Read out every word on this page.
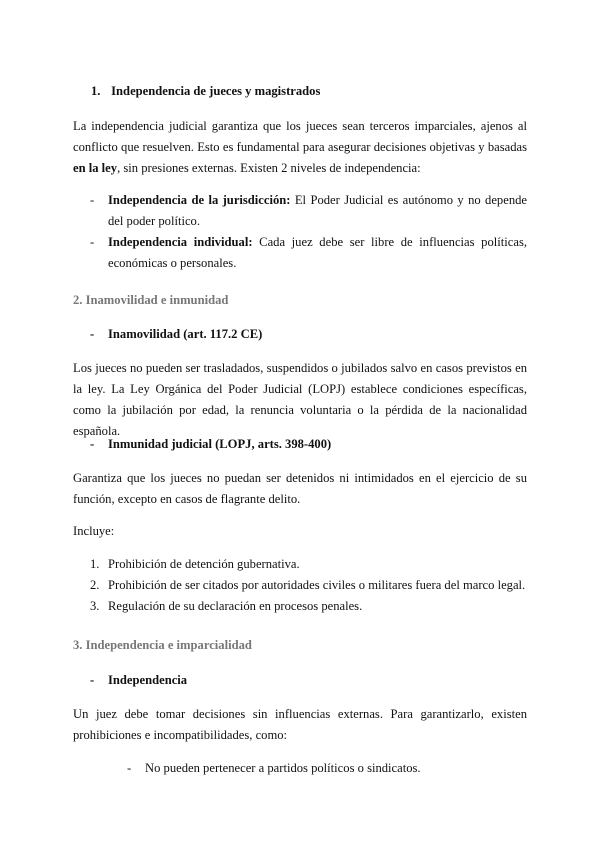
1. Independencia de jueces y magistrados
La independencia judicial garantiza que los jueces sean terceros imparciales, ajenos al conflicto que resuelven. Esto es fundamental para asegurar decisiones objetivas y basadas en la ley, sin presiones externas. Existen 2 niveles de independencia:
- Independencia de la jurisdicción: El Poder Judicial es autónomo y no depende del poder político.
- Independencia individual: Cada juez debe ser libre de influencias políticas, económicas o personales.
2. Inamovilidad e inmunidad
- Inamovilidad (art. 117.2 CE)
Los jueces no pueden ser trasladados, suspendidos o jubilados salvo en casos previstos en la ley. La Ley Orgánica del Poder Judicial (LOPJ) establece condiciones específicas, como la jubilación por edad, la renuncia voluntaria o la pérdida de la nacionalidad española.
- Inmunidad judicial (LOPJ, arts. 398-400)
Garantiza que los jueces no puedan ser detenidos ni intimidados en el ejercicio de su función, excepto en casos de flagrante delito.
Incluye:
1. Prohibición de detención gubernativa.
2. Prohibición de ser citados por autoridades civiles o militares fuera del marco legal.
3. Regulación de su declaración en procesos penales.
3. Independencia e imparcialidad
- Independencia
Un juez debe tomar decisiones sin influencias externas. Para garantizarlo, existen prohibiciones e incompatibilidades, como:
- No pueden pertenecer a partidos políticos o sindicatos.
